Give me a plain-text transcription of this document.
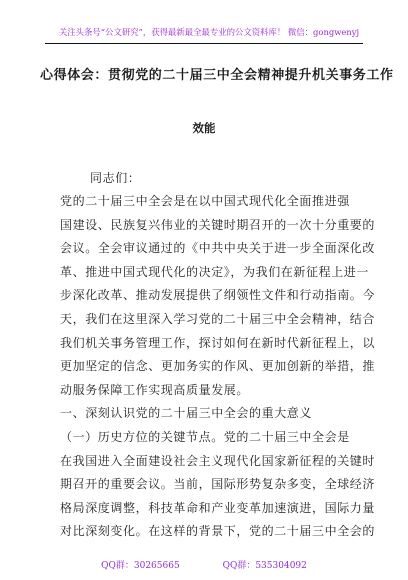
关注头条号“公文研究”，获得最新最全最专业的公文资料库！ 微信：gongwenyj
心得体会：贯彻党的二十届三中全会精神提升机关事务工作
效能
同志们：
党的二十届三中全会是在以中国式现代化全面推进强
国建设、民族复兴伟业的关键时期召开的一次十分重要的
会议。全会审议通过的《中共中央关于进一步全面深化改
革、推进中国式现代化的决定》，为我们在新征程上进一
步深化改革、推动发展提供了纲领性文件和行动指南。今
天，我们在这里深入学习党的二十届三中全会精神，结合
我们机关事务管理工作，探讨如何在新时代新征程上，以
更加坚定的信念、更加务实的作风、更加创新的举措，推
动服务保障工作实现高质量发展。
一、深刻认识党的二十届三中全会的重大意义
（一）历史方位的关键节点。党的二十届三中全会是
在我国进入全面建设社会主义现代化国家新征程的关键时
期召开的重要会议。当前，国际形势复杂多变，全球经济
格局深度调整，科技革命和产业变革加速演进，国际力量
对比深刻变化。在这样的背景下，党的二十届三中全会的
QQ群：30265665	QQ群：535304092
